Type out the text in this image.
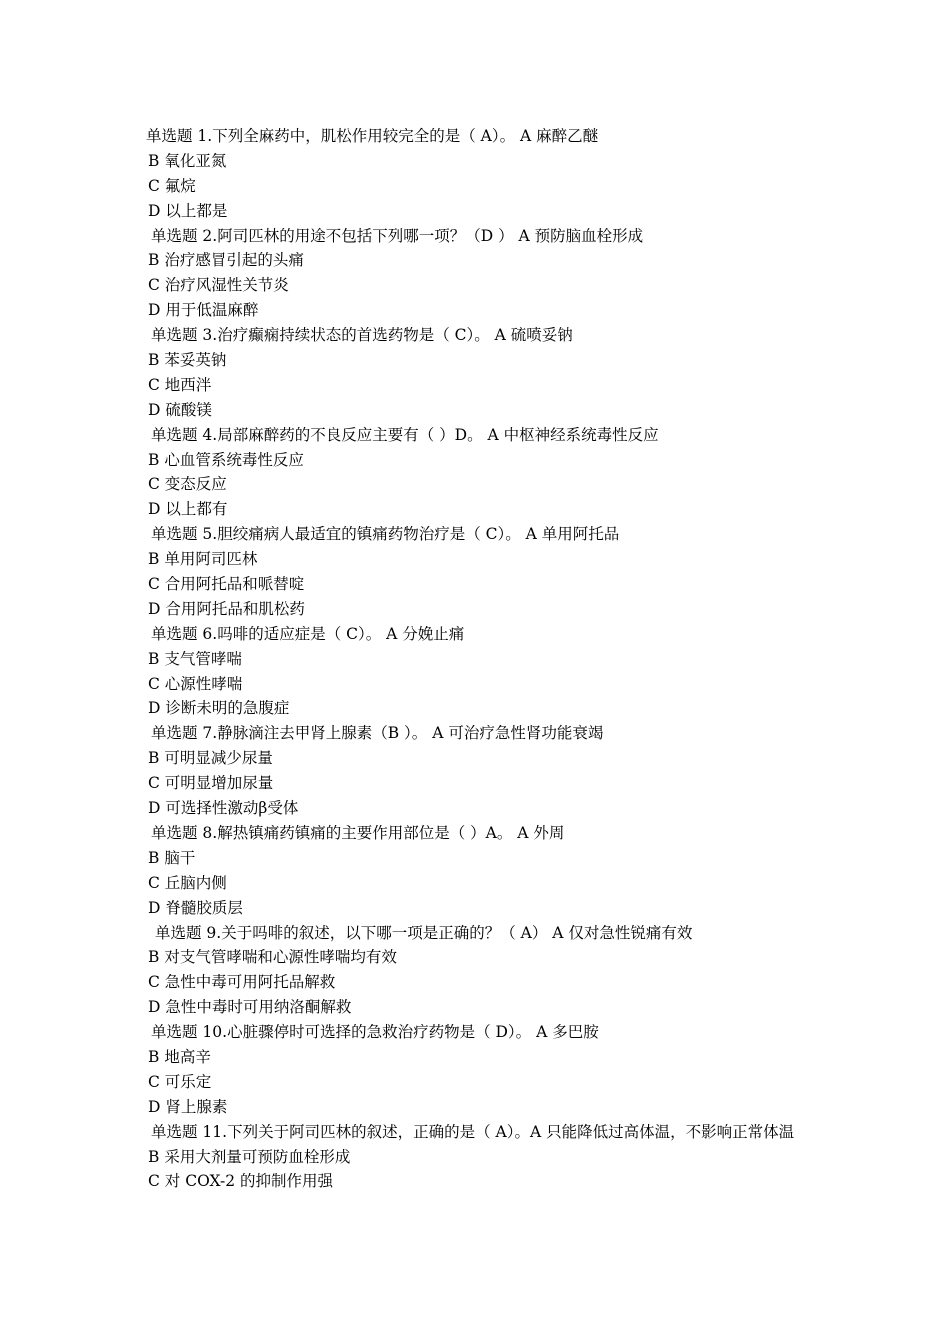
单选题 1.下列全麻药中，肌松作用较完全的是（ A）。 A 麻醉乙醚
B 氧化亚氮
C 氟烷
D 以上都是
单选题 2.阿司匹林的用途不包括下列哪一项？（D ） A 预防脑血栓形成
B 治疗感冒引起的头痛
C 治疗风湿性关节炎
D 用于低温麻醉
单选题 3.治疗癫痫持续状态的首选药物是（ C）。 A 硫喷妥钠
B 苯妥英钠
C 地西泮
D 硫酸镁
单选题 4.局部麻醉药的不良反应主要有（ ）D。 A 中枢神经系统毒性反应
B 心血管系统毒性反应
C 变态反应
D 以上都有
单选题 5.胆绞痛病人最适宜的镇痛药物治疗是（ C）。 A 单用阿托品
B 单用阿司匹林
C 合用阿托品和哌替啶
D 合用阿托品和肌松药
单选题 6.吗啡的适应症是（ C）。 A 分娩止痛
B 支气管哮喘
C 心源性哮喘
D 诊断未明的急腹症
单选题 7.静脉滴注去甲肾上腺素（B ）。 A 可治疗急性肾功能衰竭
B 可明显减少尿量
C 可明显增加尿量
D 可选择性激动β受体
单选题 8.解热镇痛药镇痛的主要作用部位是（ ）A。 A 外周
B 脑干
C 丘脑内侧
D 脊髓胶质层
单选题 9.关于吗啡的叙述，以下哪一项是正确的？（ A） A 仅对急性锐痛有效
B 对支气管哮喘和心源性哮喘均有效
C 急性中毒可用阿托品解救
D 急性中毒时可用纳洛酮解救
单选题 10.心脏骤停时可选择的急救治疗药物是（ D）。 A 多巴胺
B 地高辛
C 可乐定
D 肾上腺素
单选题 11.下列关于阿司匹林的叙述，正确的是（ A）。A 只能降低过高体温，不影响正常体温
B 采用大剂量可预防血栓形成
C 对 COX-2 的抑制作用强
